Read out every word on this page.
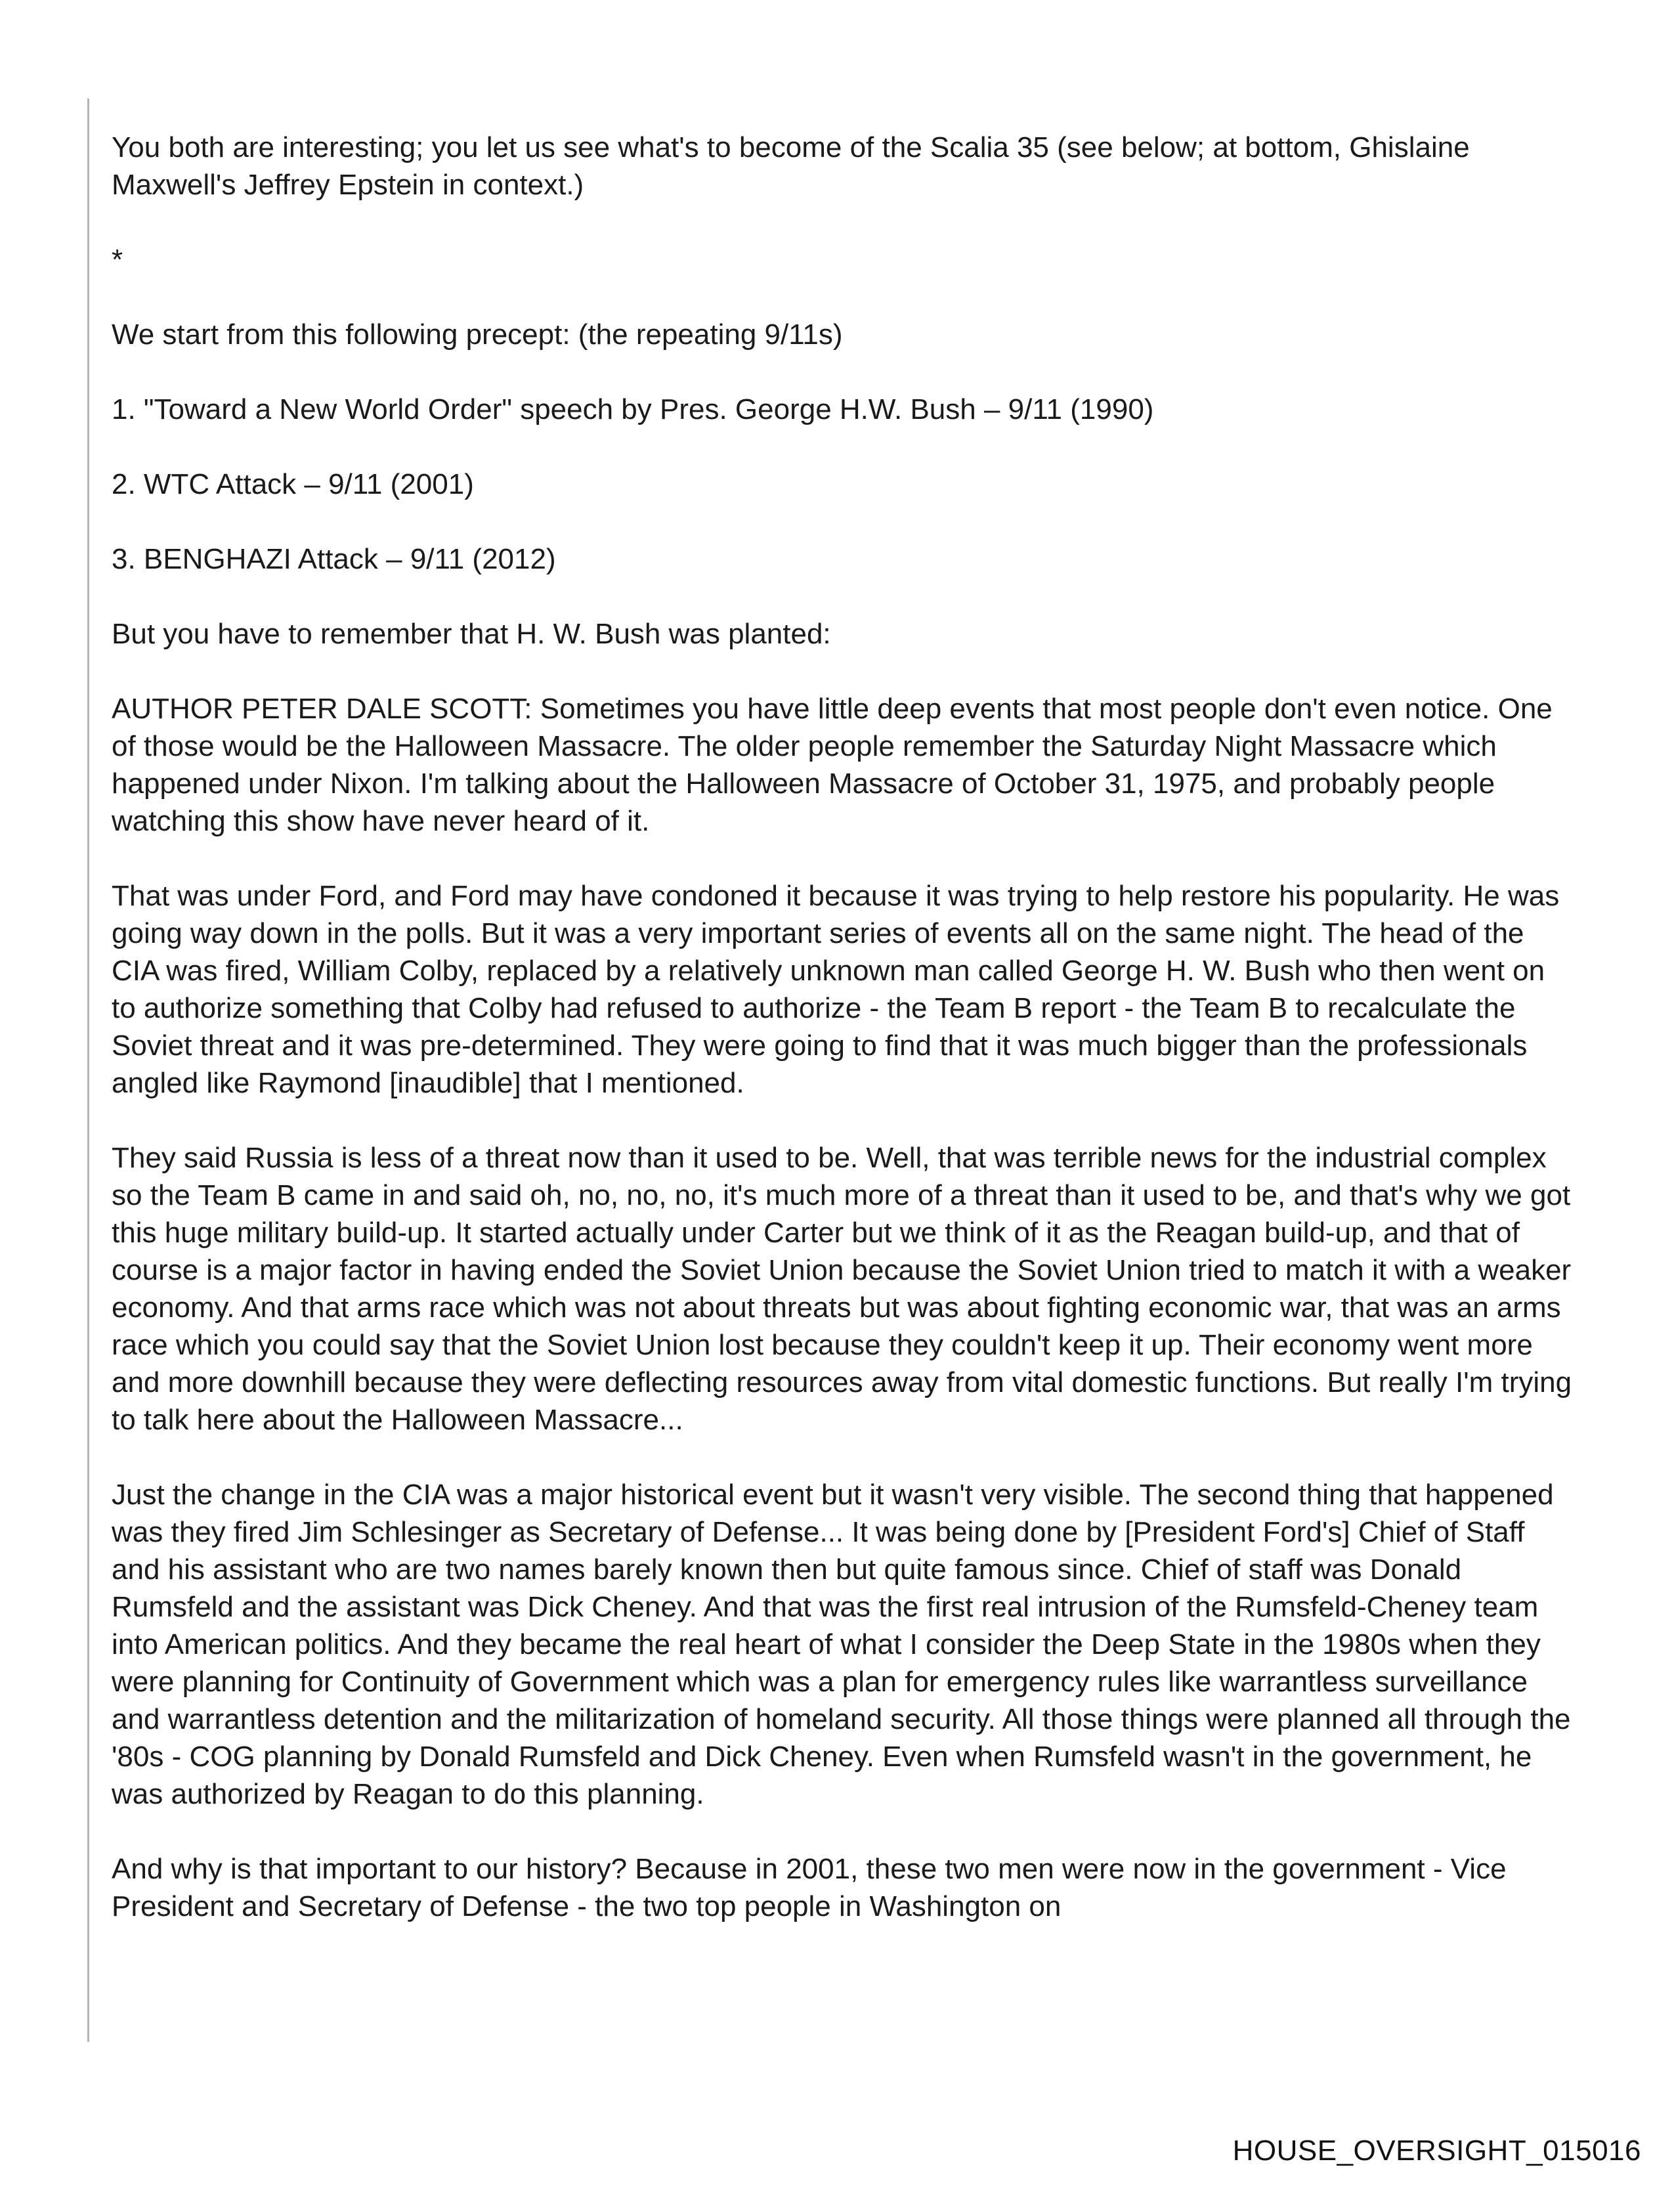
You both are interesting; you let us see what's to become of the Scalia 35 (see below; at bottom, Ghislaine Maxwell's Jeffrey Epstein in context.)

*

We start from this following precept: (the repeating 9/11s)

1. "Toward a New World Order" speech by Pres. George H.W. Bush – 9/11 (1990)

2. WTC Attack – 9/11 (2001)

3. BENGHAZI Attack – 9/11 (2012)

But you have to remember that H. W. Bush was planted:

AUTHOR PETER DALE SCOTT: Sometimes you have little deep events that most people don't even notice. One of those would be the Halloween Massacre. The older people remember the Saturday Night Massacre which happened under Nixon. I'm talking about the Halloween Massacre of October 31, 1975, and probably people watching this show have never heard of it.

That was under Ford, and Ford may have condoned it because it was trying to help restore his popularity. He was going way down in the polls. But it was a very important series of events all on the same night. The head of the CIA was fired, William Colby, replaced by a relatively unknown man called George H. W. Bush who then went on to authorize something that Colby had refused to authorize - the Team B report - the Team B to recalculate the Soviet threat and it was pre-determined. They were going to find that it was much bigger than the professionals angled like Raymond [inaudible] that I mentioned.

They said Russia is less of a threat now than it used to be. Well, that was terrible news for the industrial complex so the Team B came in and said oh, no, no, no, it's much more of a threat than it used to be, and that's why we got this huge military build-up. It started actually under Carter but we think of it as the Reagan build-up, and that of course is a major factor in having ended the Soviet Union because the Soviet Union tried to match it with a weaker economy. And that arms race which was not about threats but was about fighting economic war, that was an arms race which you could say that the Soviet Union lost because they couldn't keep it up. Their economy went more and more downhill because they were deflecting resources away from vital domestic functions. But really I'm trying to talk here about the Halloween Massacre...

Just the change in the CIA was a major historical event but it wasn't very visible. The second thing that happened was they fired Jim Schlesinger as Secretary of Defense... It was being done by [President Ford's] Chief of Staff and his assistant who are two names barely known then but quite famous since. Chief of staff was Donald Rumsfeld and the assistant was Dick Cheney. And that was the first real intrusion of the Rumsfeld-Cheney team into American politics. And they became the real heart of what I consider the Deep State in the 1980s when they were planning for Continuity of Government which was a plan for emergency rules like warrantless surveillance and warrantless detention and the militarization of homeland security. All those things were planned all through the '80s - COG planning by Donald Rumsfeld and Dick Cheney. Even when Rumsfeld wasn't in the government, he was authorized by Reagan to do this planning.

And why is that important to our history? Because in 2001, these two men were now in the government - Vice President and Secretary of Defense - the two top people in Washington on

HOUSE_OVERSIGHT_015016
